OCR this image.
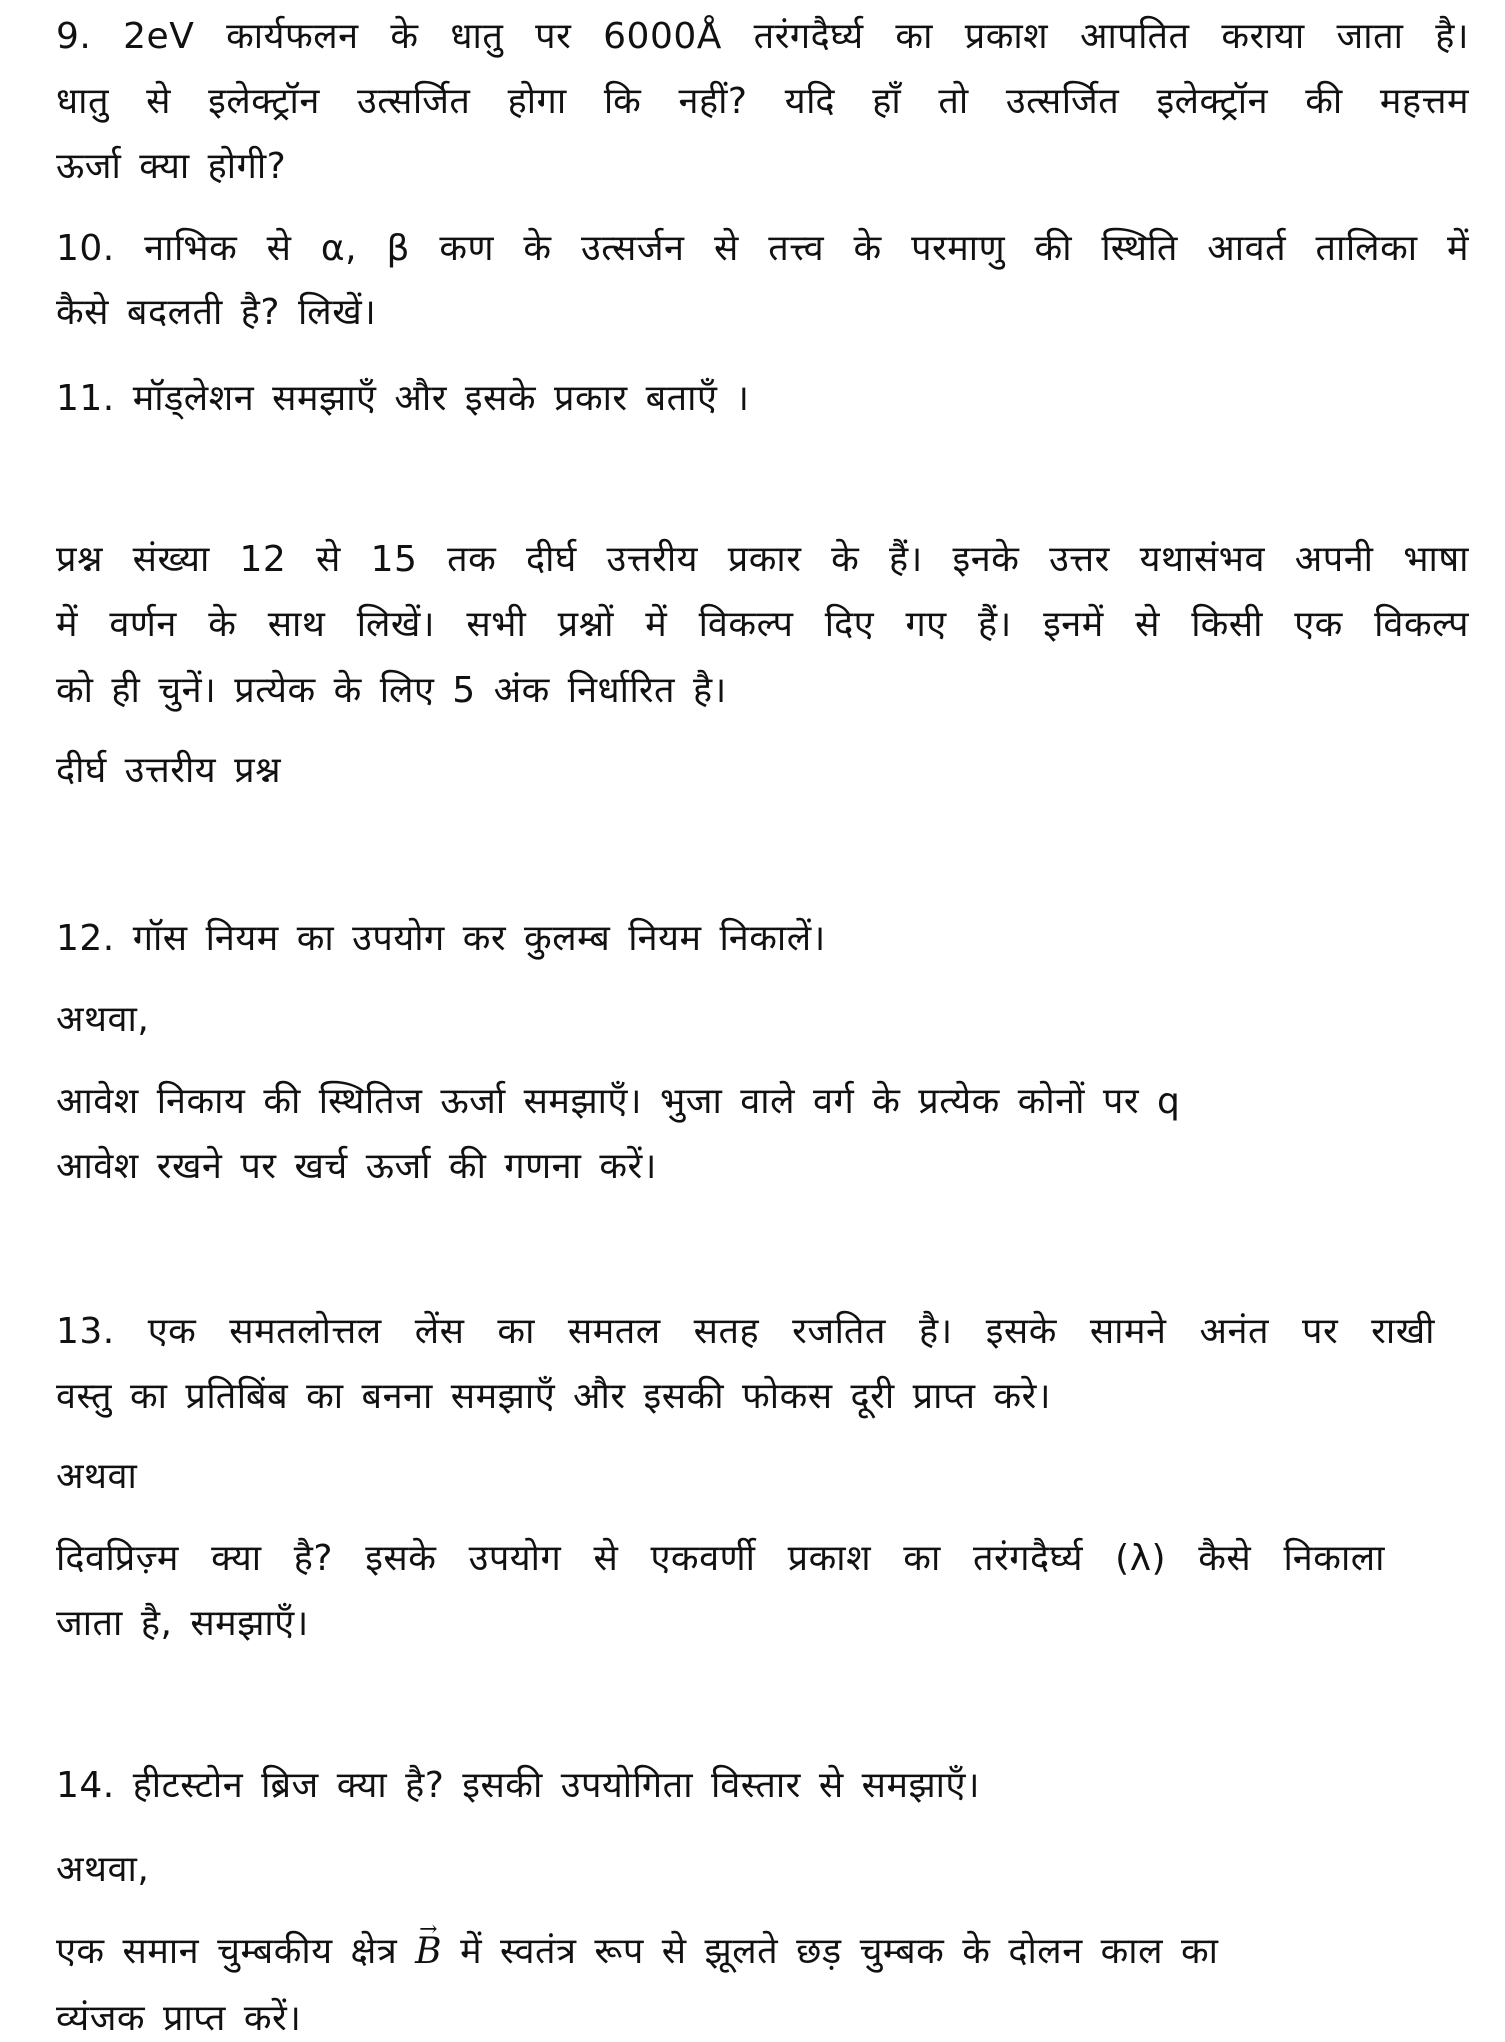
9. 2eV कार्यफलन के धातु पर 6000Å तरंगदैर्घ्य का प्रकाश आपतित कराया जाता है।
धातु से इलेक्ट्रॉन उत्सर्जित होगा कि नहीं? यदि हाँ तो उत्सर्जित इलेक्ट्रॉन की महत्तम
ऊर्जा क्या होगी?
10. नाभिक से α, β कण के उत्सर्जन से तत्त्व के परमाणु की स्थिति आवर्त तालिका में
कैसे बदलती है? लिखें।
11. मॉड्लेशन समझाएँ और इसके प्रकार बताएँ ।
प्रश्न संख्या 12 से 15 तक दीर्घ उत्तरीय प्रकार के हैं। इनके उत्तर यथासंभव अपनी भाषा
में वर्णन के साथ लिखें। सभी प्रश्नों में विकल्प दिए गए हैं। इनमें से किसी एक विकल्प
को ही चुनें। प्रत्येक के लिए 5 अंक निर्धारित है।
दीर्घ उत्तरीय प्रश्न
12. गॉस नियम का उपयोग कर कुलम्ब नियम निकालें।
अथवा,
आवेश निकाय की स्थितिज ऊर्जा समझाएँ। भुजा वाले वर्ग के प्रत्येक कोनों पर q
आवेश रखने पर खर्च ऊर्जा की गणना करें।
13. एक समतलोत्तल लेंस का समतल सतह रजतित है। इसके सामने अनंत पर राखी
वस्तु का प्रतिबिंब का बनना समझाएँ और इसकी फोकस दूरी प्राप्त करे।
अथवा
दिवप्रिज़्म क्या है? इसके उपयोग से एकवर्णी प्रकाश का तरंगदैर्घ्य (λ) कैसे निकाला
जाता है, समझाएँ।
14. हीटस्टोन ब्रिज क्या है? इसकी उपयोगिता विस्तार से समझाएँ।
अथवा,
एक समान चुम्बकीय क्षेत्र → B में स्वतंत्र रूप से झूलते छड़ चुम्बक के दोलन काल का
व्यंजक प्राप्त करें।
